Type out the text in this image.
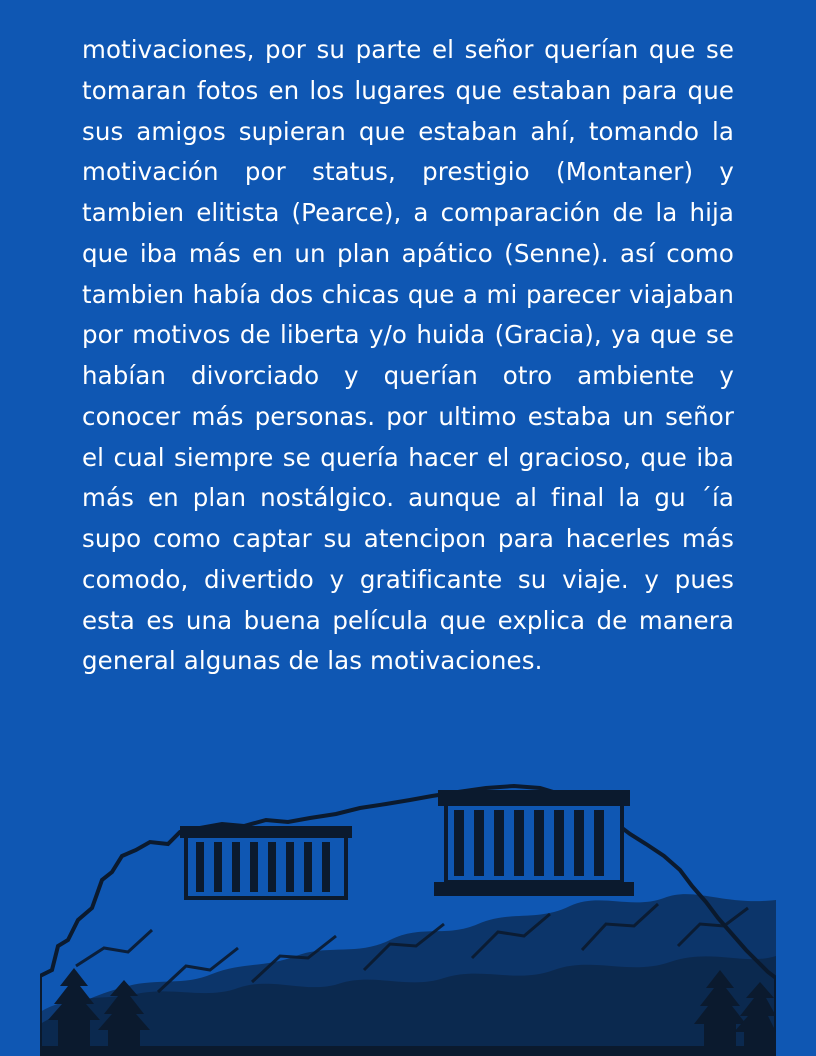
motivaciones, por su parte el señor querían que se tomaran fotos en los lugares que estaban para que sus amigos supieran que estaban ahí, tomando la motivación por status, prestigio (Montaner) y tambien elitista (Pearce), a comparación de la hija que iba más en un plan apático (Senne). así como tambien había dos chicas que a mi parecer viajaban por motivos de liberta y/o huida (Gracia), ya que se habían divorciado y querían otro ambiente y conocer más personas. por ultimo estaba un señor el cual siempre se quería hacer el gracioso, que iba más en plan nostálgico. aunque al final la gu ´ía supo como captar su atencipon para hacerles más comodo, divertido y gratificante su viaje. y pues esta es una buena película que explica de manera general algunas de las motivaciones.
